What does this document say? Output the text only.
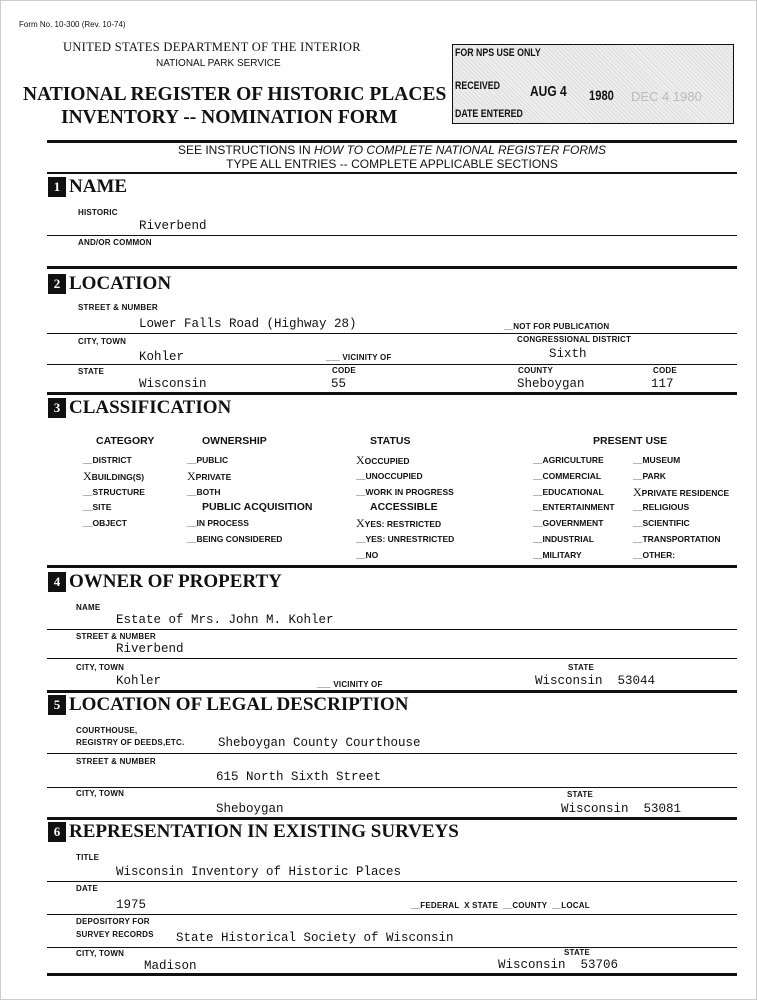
Form No. 10-300 (Rev. 10-74)
UNITED STATES DEPARTMENT OF THE INTERIOR
NATIONAL PARK SERVICE
NATIONAL REGISTER OF HISTORIC PLACES
INVENTORY -- NOMINATION FORM
FOR NPS USE ONLY
RECEIVED AUG 4 1980 DEC 4 1980
DATE ENTERED
SEE INSTRUCTIONS IN HOW TO COMPLETE NATIONAL REGISTER FORMS
TYPE ALL ENTRIES -- COMPLETE APPLICABLE SECTIONS
1 NAME
HISTORIC
Riverbend
AND/OR COMMON
2 LOCATION
STREET & NUMBER
Lower Falls Road (Highway 28)	__NOT FOR PUBLICATION
CITY, TOWN	CONGRESSIONAL DISTRICT
Kohler	___ VICINITY OF	Sixth
STATE
Wisconsin
CODE
55
COUNTY
Sheboygan
CODE
117
3 CLASSIFICATION
CATEGORY
__DISTRICT
XBUILDING(S)
__STRUCTURE
__SITE
__OBJECT
OWNERSHIP
__PUBLIC
XPRIVATE
__BOTH
PUBLIC ACQUISITION
__IN PROCESS
__BEING CONSIDERED
STATUS
XOCCUPIED
__UNOCCUPIED
__WORK IN PROGRESS
ACCESSIBLE
XYES: RESTRICTED
__YES: UNRESTRICTED
__NO
PRESENT USE
__AGRICULTURE
__COMMERCIAL
__EDUCATIONAL
__ENTERTAINMENT
__GOVERNMENT
__INDUSTRIAL
__MILITARY
__MUSEUM
__PARK
XPRIVATE RESIDENCE
__RELIGIOUS
__SCIENTIFIC
__TRANSPORTATION
__OTHER:
4 OWNER OF PROPERTY
NAME
Estate of Mrs. John M. Kohler
STREET & NUMBER
Riverbend
CITY, TOWN
Kohler	___ VICINITY OF
STATE
Wisconsin  53044
5 LOCATION OF LEGAL DESCRIPTION
COURTHOUSE,
REGISTRY OF DEEDS,ETC.	Sheboygan County Courthouse
STREET & NUMBER
615 North Sixth Street
CITY, TOWN	STATE
Sheboygan	Wisconsin  53081
6 REPRESENTATION IN EXISTING SURVEYS
TITLE
Wisconsin Inventory of Historic Places
DATE
1975	__FEDERAL  X STATE  __COUNTY  __LOCAL
DEPOSITORY FOR
SURVEY RECORDS State Historical Society of Wisconsin
CITY, TOWN
Madison
STATE
Wisconsin  53706
